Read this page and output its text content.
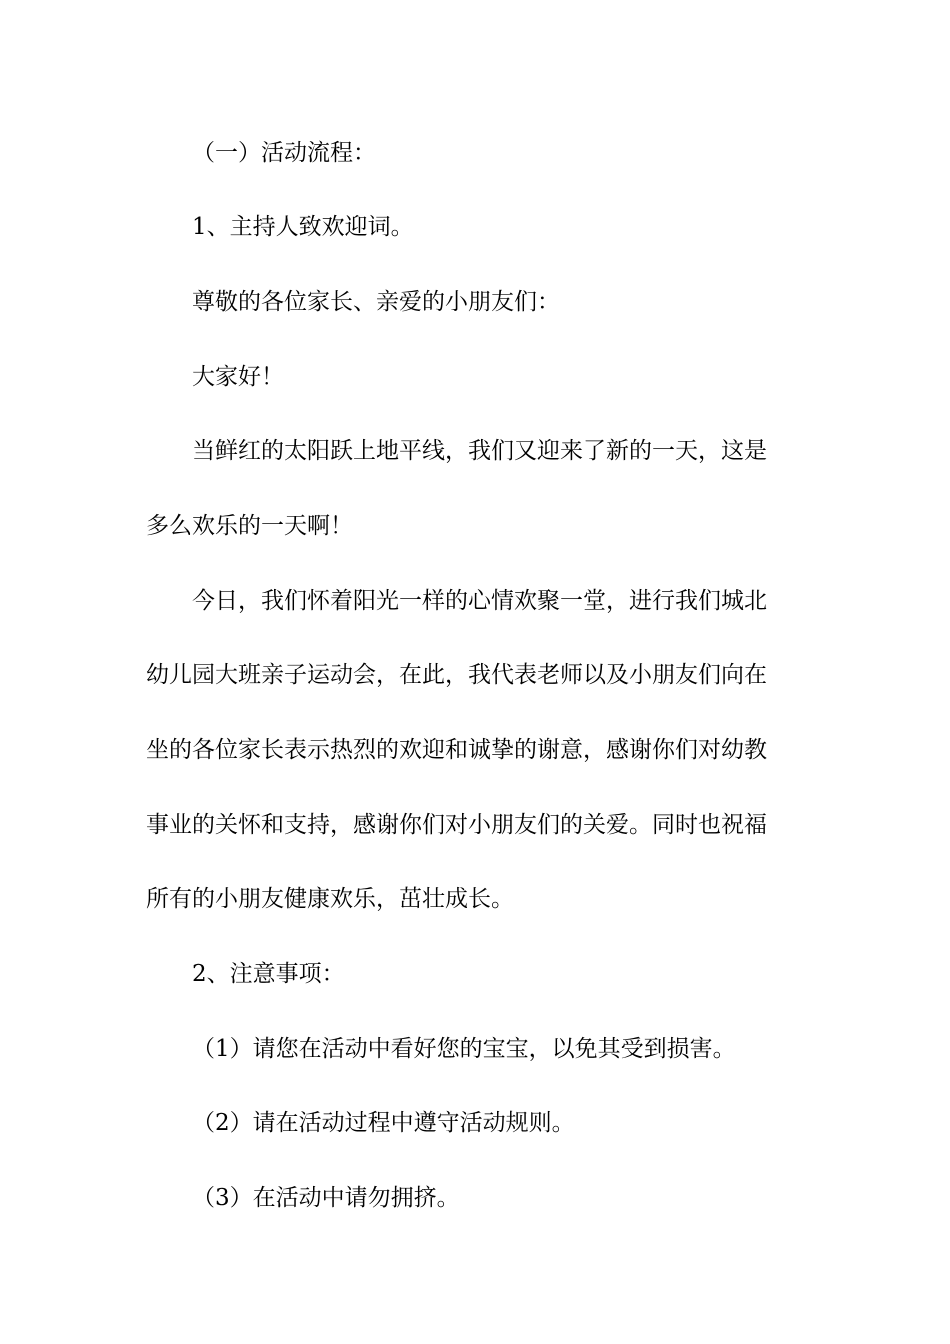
（一）活动流程：
1、主持人致欢迎词。
尊敬的各位家长、亲爱的小朋友们：
大家好！
当鲜红的太阳跃上地平线，我们又迎来了新的一天，这是
多么欢乐的一天啊！
今日，我们怀着阳光一样的心情欢聚一堂，进行我们城北
幼儿园大班亲子运动会，在此，我代表老师以及小朋友们向在
坐的各位家长表示热烈的欢迎和诚挚的谢意，感谢你们对幼教
事业的关怀和支持，感谢你们对小朋友们的关爱。同时也祝福
所有的小朋友健康欢乐，茁壮成长。
2、注意事项：
（1）请您在活动中看好您的宝宝，以免其受到损害。
（2）请在活动过程中遵守活动规则。
（3）在活动中请勿拥挤。
